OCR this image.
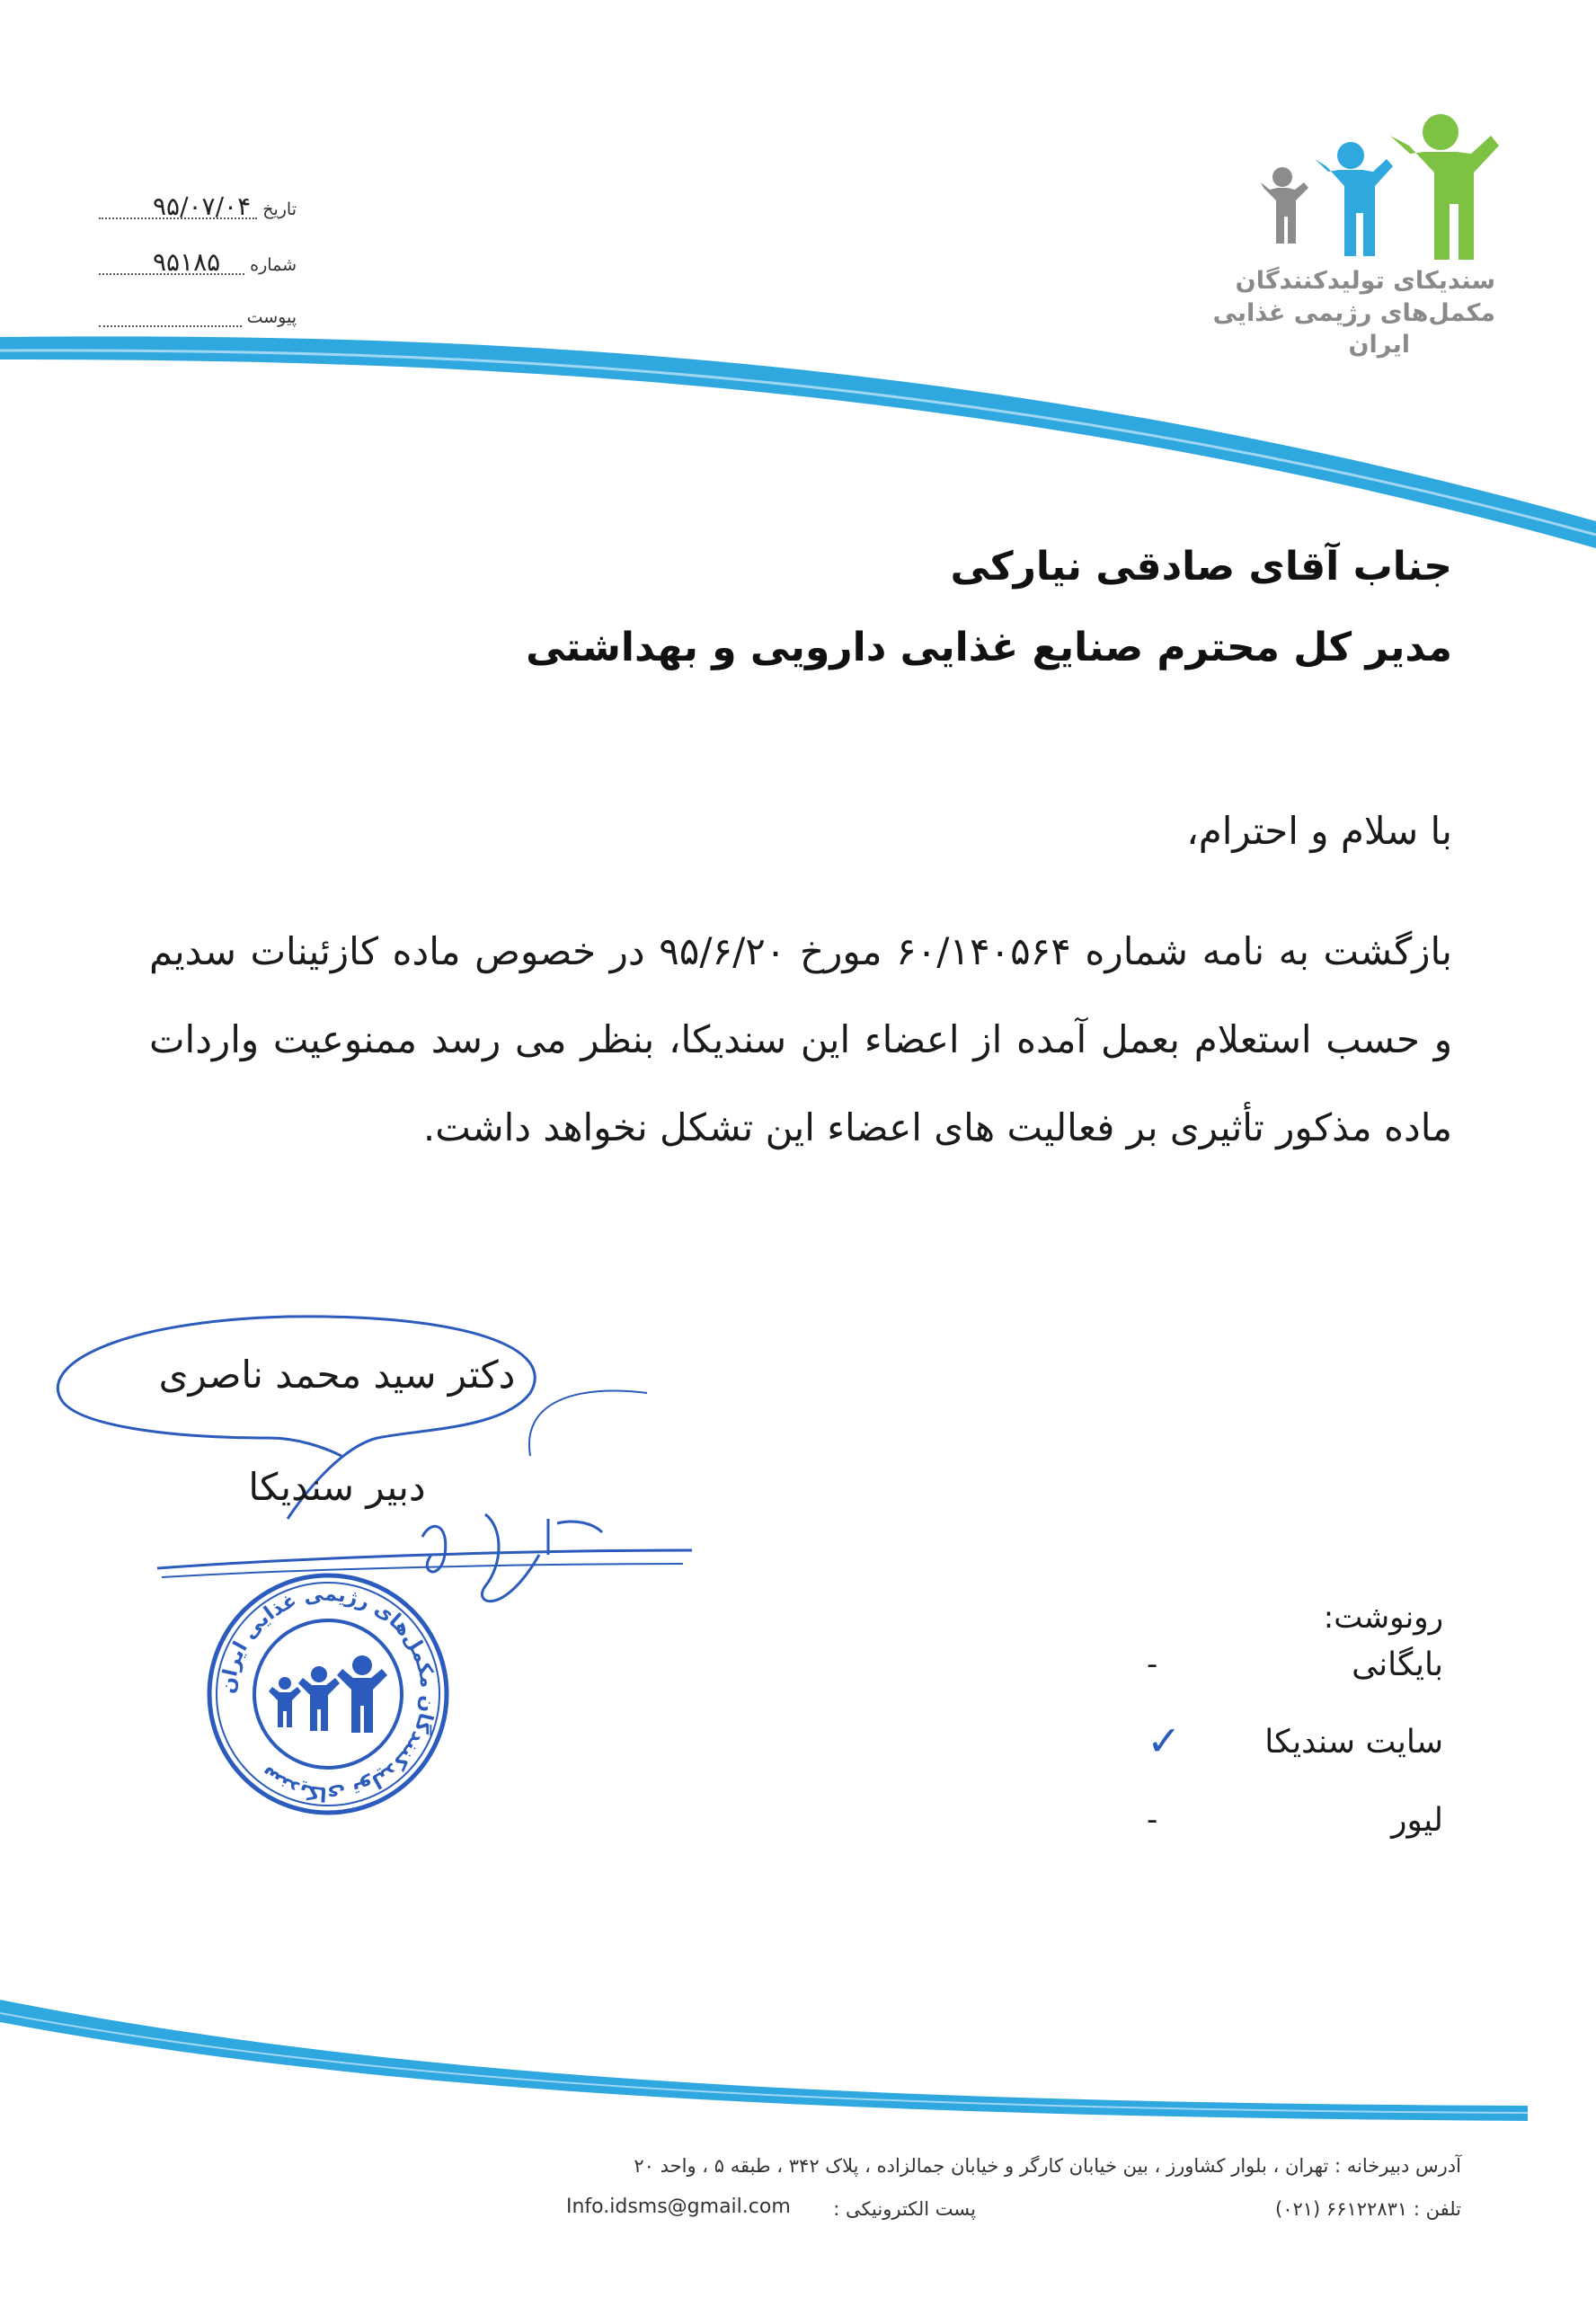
تاریخ
۹۵/۰۷/۰۴
شماره
۹۵۱۸۵
پیوست
سندیکای تولیدکنندگان
مکمل‌های رژیمی غذایی
ایران
جناب آقای صادقی نیارکی
مدیر کل محترم صنایع غذایی دارویی و بهداشتی
با سلام و احترام،
بازگشت به نامه شماره ۶۰/۱۴۰۵۶۴ مورخ ۹۵/۶/۲۰ در خصوص ماده کازئینات سدیم و حسب استعلام بعمل آمده از اعضاء این سندیکا، بنظر می رسد ممنوعیت واردات ماده مذکور تأثیری بر فعالیت های اعضاء این تشکل نخواهد داشت.
دکتر سید محمد ناصری
دبیر سندیکا
سندیکای تولیدکنندگان مکمل‌های رژیمی غذایی ایران
رونوشت:
بایگانی
-
سایت سندیکا
✓
لیور
-
آدرس دبیرخانه : تهران ، بلوار کشاورز ، بین خیابان کارگر و خیابان جمالزاده ، پلاک ۳۴۲ ، طبقه ۵ ، واحد ۲۰
تلفن : ۶۶۱۲۲۸۳۱ (۰۲۱)
پست الکترونیکی :
Info.idsms@gmail.com
